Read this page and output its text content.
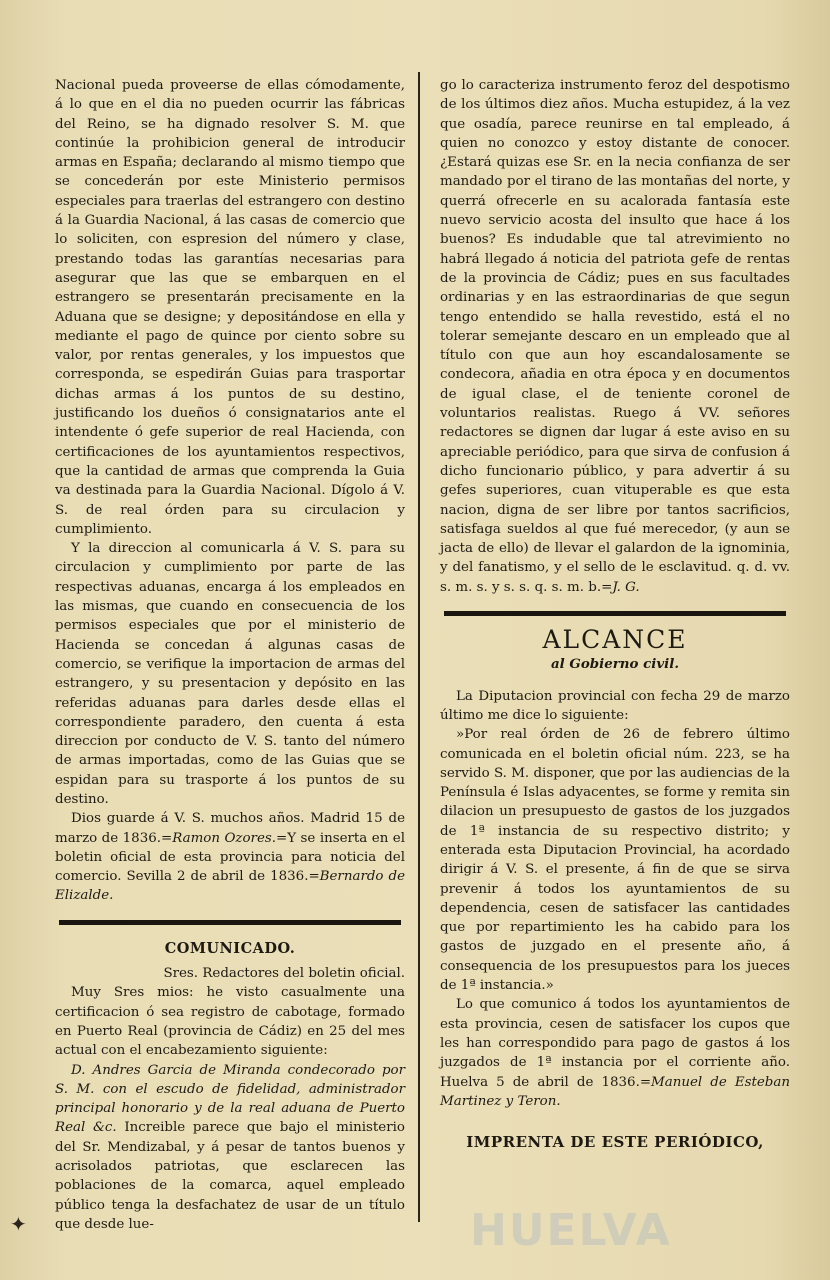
Nacional pueda proveerse de ellas cómodamente, á lo que en el dia no pueden ocurrir las fábricas del Reino, se ha dignado resolver S. M. que continúe la prohibicion general de introducir armas en España; declarando al mismo tiempo que se concederán por este Ministerio permisos especiales para traerlas del estrangero con destino á la Guardia Nacional, á las casas de comercio que lo soliciten, con espresion del número y clase, prestando todas las garantías necesarias para asegurar que las que se embarquen en el estrangero se presentarán precisamente en la Aduana que se designe; y depositándose en ella y mediante el pago de quince por ciento sobre su valor, por rentas generales, y los impuestos que corresponda, se espedirán Guias para trasportar dichas armas á los puntos de su destino, justificando los dueños ó consignatarios ante el intendente ó gefe superior de real Hacienda, con certificaciones de los ayuntamientos respectivos, que la cantidad de armas que comprenda la Guia va destinada para la Guardia Nacional. Dígolo á V. S. de real órden para su circulacion y cumplimiento.

Y la direccion al comunicarla á V. S. para su circulacion y cumplimiento por parte de las respectivas aduanas, encarga á los empleados en las mismas, que cuando en consecuencia de los permisos especiales que por el ministerio de Hacienda se concedan á algunas casas de comercio, se verifique la importacion de armas del estrangero, y su presentacion y depósito en las referidas aduanas para darles desde ellas el correspondiente paradero, den cuenta á esta direccion por conducto de V. S. tanto del número de armas importadas, como de las Guias que se espidan para su trasporte á los puntos de su destino.

Dios guarde á V. S. muchos años. Madrid 15 de marzo de 1836.=Ramon Ozores.=Y se inserta en el boletin oficial de esta provincia para noticia del comercio. Sevilla 2 de abril de 1836.=Bernardo de Elizalde.

COMUNICADO.

Sres. Redactores del boletin oficial.

Muy Sres mios: he visto casualmente una certificacion ó sea registro de cabotage, formado en Puerto Real (provincia de Cádiz) en 25 del mes actual con el encabezamiento siguiente:

D. Andres Garcia de Miranda condecorado por S. M. con el escudo de fidelidad, administrador principal honorario y de la real aduana de Puerto Real &c. Increible parece que bajo el ministerio del Sr. Mendizabal, y á pesar de tantos buenos y acrisolados patriotas, que esclarecen las poblaciones de la comarca, aquel empleado público tenga la desfachatez de usar de un título que desde lue-

go lo caracteriza instrumento feroz del despotismo de los últimos diez años. Mucha estupidez, á la vez que osadía, parece reunirse en tal empleado, á quien no conozco y estoy distante de conocer. ¿Estará quizas ese Sr. en la necia confianza de ser mandado por el tirano de las montañas del norte, y querrá ofrecerle en su acalorada fantasía este nuevo servicio acosta del insulto que hace á los buenos? Es indudable que tal atrevimiento no habrá llegado á noticia del patriota gefe de rentas de la provincia de Cádiz; pues en sus facultades ordinarias y en las estraordinarias de que segun tengo entendido se halla revestido, está el no tolerar semejante descaro en un empleado que al título con que aun hoy escandalosamente se condecora, añadia en otra época y en documentos de igual clase, el de teniente coronel de voluntarios realistas. Ruego á VV. señores redactores se dignen dar lugar á este aviso en su apreciable periódico, para que sirva de confusion á dicho funcionario público, y para advertir á su gefes superiores, cuan vituperable es que esta nacion, digna de ser libre por tantos sacrificios, satisfaga sueldos al que fué merecedor, (y aun se jacta de ello) de llevar el galardon de la ignominia, y del fanatismo, y el sello de le esclavitud. q. d. vv. s. m. s. y s. s. q. s. m. b.=J. G.

ALCANCE
al Gobierno civil.

La Diputacion provincial con fecha 29 de marzo último me dice lo siguiente:

»Por real órden de 26 de febrero último comunicada en el boletin oficial núm. 223, se ha servido S. M. disponer, que por las audiencias de la Península é Islas adyacentes, se forme y remita sin dilacion un presupuesto de gastos de los juzgados de 1ª instancia de su respectivo distrito; y enterada esta Diputacion Provincial, ha acordado dirigir á V. S. el presente, á fin de que se sirva prevenir á todos los ayuntamientos de su dependencia, cesen de satisfacer las cantidades que por repartimiento les ha cabido para los gastos de juzgado en el presente año, á consequencia de los presupuestos para los jueces de 1ª instancia.»

Lo que comunico á todos los ayuntamientos de esta provincia, cesen de satisfacer los cupos que les han correspondido para pago de gastos á los juzgados de 1ª instancia por el corriente año. Huelva 5 de abril de 1836.=Manuel de Esteban Martinez y Teron.

IMPRENTA DE ESTE PERIÓDICO,
✦	HUELVA
